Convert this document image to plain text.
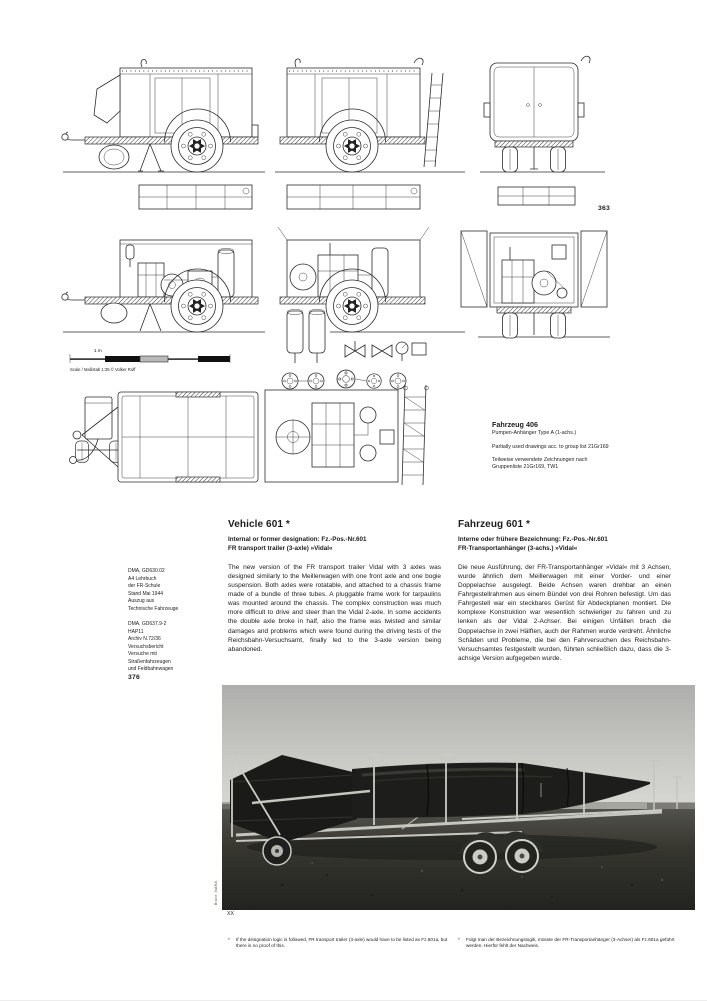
1 m
Scale / Maßstab 1:35 © Volker Ruff
363
Fahrzeug 406
Pumpen-Anhänger Type A (1-achs.)
Partially used drawings acc. to group list 21Gr169
Teilweise verwendete Zeichnungen nach Gruppenliste 21Gr169, TW1
DMA, GD630.02
A4 Lehrbuch
der FR-Schule
Stand Mai 1944
Auszug aus
Technische Fahrzeuge
DMA, GD637.9-2
HAP11
Archiv N.72/36
Versuchsbericht
Versuche mit
Straßenfahrzeugen
und Feldbahnwagen
Vehicle 601 *
Internal or former designation: Fz.-Pos.-Nr.601
FR transport trailer (3-axle) »Vidal«
The new version of the FR transport trailer Vidal with 3 axles was designed similarly to the Meillerwagen with one front axle and one bogie suspension. Both axles were rotatable, and attached to a chassis frame made of a bundle of three tubes. A pluggable frame work for tarpaulins was mounted around the chassis. The complex construction was much more difficult to drive and steer than the Vidal 2-axle. In some accidents the double axle broke in half, also the frame was twisted and similar damages and problems which were found during the driving tests of the Reichsbahn-Versuchsamt, finally led to the 3-axle version being abandoned.
Fahrzeug 601 *
Interne oder frühere Bezeichnung: Fz.-Pos.-Nr.601
FR-Transportanhänger (3-achs.) »Vidal«
Die neue Ausführung, der FR-Transportanhänger »Vidal« mit 3 Achsen, wurde ähnlich dem Meillerwagen mit einer Vorder- und einer Doppelachse ausgelegt. Beide Achsen waren drehbar an einen Fahrgestellrahmen aus einem Bündel von drei Rohren befestigt. Um das Fahrgestell war ein steckbares Gerüst für Abdeckplanen montiert. Die komplexe Konstruktion war wesentlich schwieriger zu fahren und zu lenken als der Vidal 2-Achser. Bei einigen Unfällen brach die Doppelachse in zwei Hälften, auch der Rahmen wurde verdreht. Ähnliche Schäden und Probleme, die bei den Fahrversuchen des Reichsbahn-Versuchsamtes festgestellt wurden, führten schließlich dazu, dass die 3-achsige Version aufgegeben wurde.
376
Bruce, NARA
XX
*	If the designation logic is followed, FR transport trailer (3-axle) would have to be listed as Fz.601a, but there is no proof of this.
*	Folgt man der Bezeichnungslogik, müsste der FR-Transportanhänger (3-Achser) als Fz.601a geführt werden. Hierfür fehlt der Nachweis.
